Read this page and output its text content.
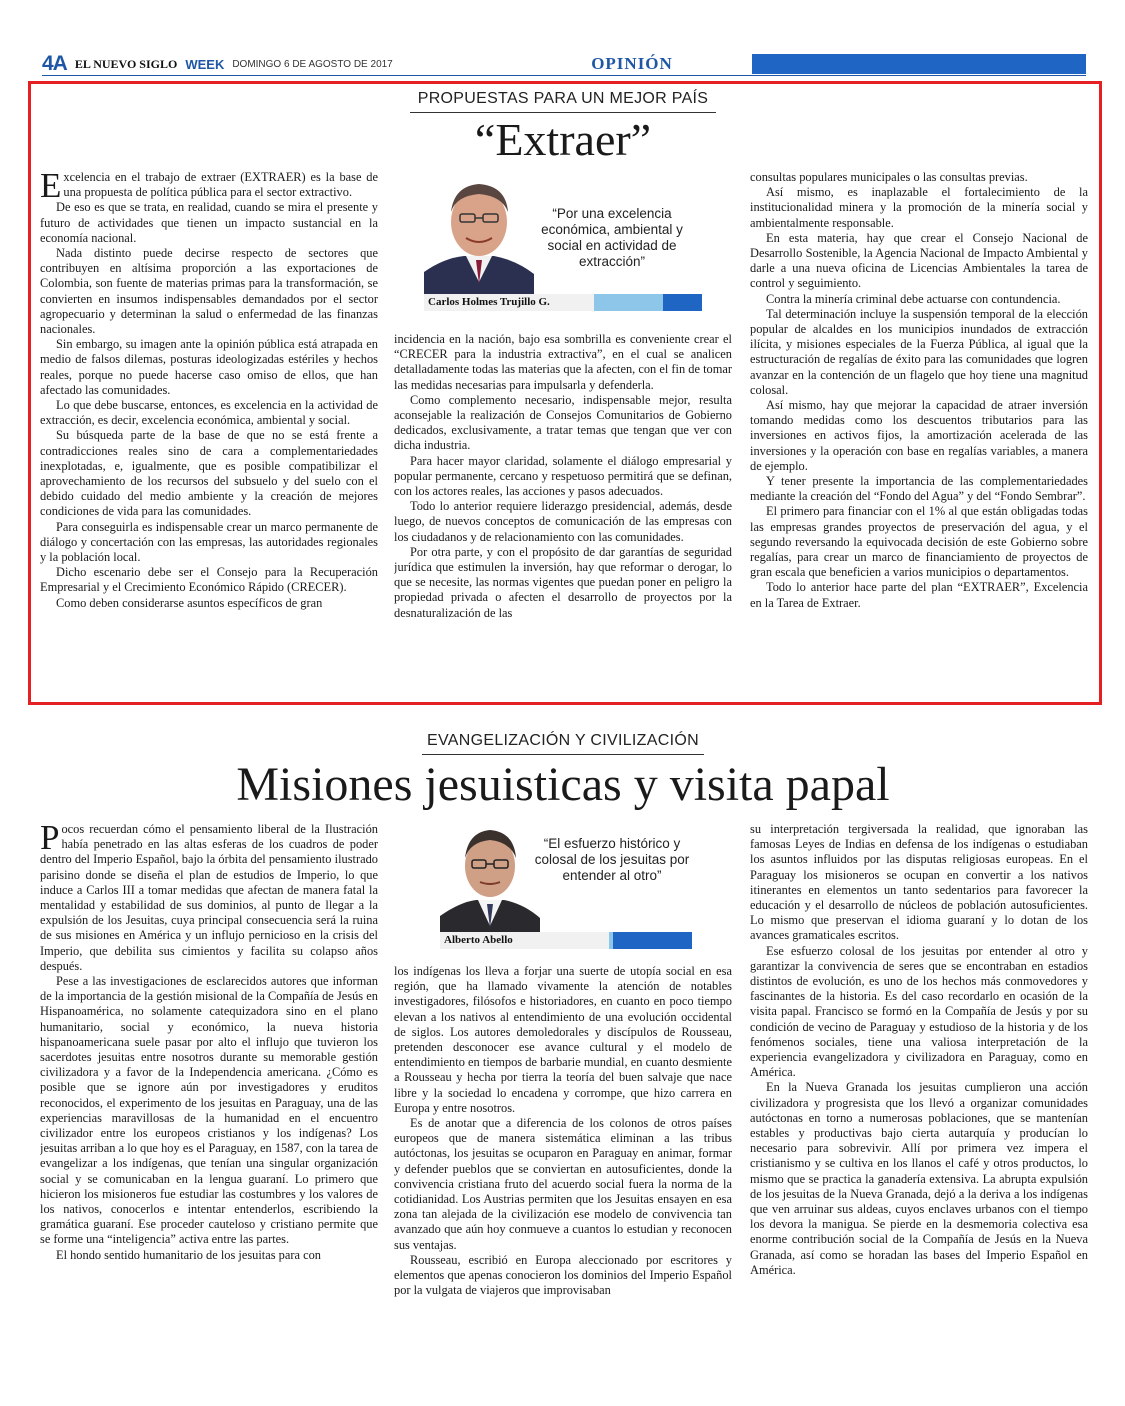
4A EL NUEVO SIGLO WEEK DOMINGO 6 DE AGOSTO DE 2017	OPINIÓN
PROPUESTAS PARA UN MEJOR PAÍS
“Extraer”

Excelencia en el trabajo de extraer (EXTRAER) es la base de una propuesta de política pública para el sector extractivo.

De eso es que se trata, en realidad, cuando se mira el presente y futuro de actividades que tienen un impacto sustancial en la economía nacional.

Nada distinto puede decirse respecto de sectores que contribuyen en altísima proporción a las exportaciones de Colombia, son fuente de materias primas para la transformación, se convierten en insumos indispensables demandados por el sector agropecuario y determinan la salud o enfermedad de las finanzas nacionales.

Sin embargo, su imagen ante la opinión pública está atrapada en medio de falsos dilemas, posturas ideologizadas estériles y hechos reales, porque no puede hacerse caso omiso de ellos, que han afectado las comunidades.

Lo que debe buscarse, entonces, es excelencia en la actividad de extracción, es decir, excelencia económica, ambiental y social.

Su búsqueda parte de la base de que no se está frente a contradicciones reales sino de cara a complementariedades inexplotadas, e, igualmente, que es posible compatibilizar el aprovechamiento de los recursos del subsuelo y del suelo con el debido cuidado del medio ambiente y la creación de mejores condiciones de vida para las comunidades.

Para conseguirla es indispensable crear un marco permanente de diálogo y concertación con las empresas, las autoridades regionales y la población local.

Dicho escenario debe ser el Consejo para la Recuperación Empresarial y el Crecimiento Económico Rápido (CRECER).

Como deben considerarse asuntos específicos de gran

“Por una excelencia económica, ambiental y social en actividad de extracción”
Carlos Holmes Trujillo G.

incidencia en la nación, bajo esa sombrilla es conveniente crear el “CRECER para la industria extractiva”, en el cual se analicen detalladamente todas las materias que la afecten, con el fin de tomar las medidas necesarias para impulsarla y defenderla.

Como complemento necesario, indispensable mejor, resulta aconsejable la realización de Consejos Comunitarios de Gobierno dedicados, exclusivamente, a tratar temas que tengan que ver con dicha industria.

Para hacer mayor claridad, solamente el diálogo empresarial y popular permanente, cercano y respetuoso permitirá que se definan, con los actores reales, las acciones y pasos adecuados.

Todo lo anterior requiere liderazgo presidencial, además, desde luego, de nuevos conceptos de comunicación de las empresas con los ciudadanos y de relacionamiento con las comunidades.

Por otra parte, y con el propósito de dar garantías de seguridad jurídica que estimulen la inversión, hay que reformar o derogar, lo que se necesite, las normas vigentes que puedan poner en peligro la propiedad privada o afecten el desarrollo de proyectos por la desnaturalización de las

consultas populares municipales o las consultas previas.

Así mismo, es inaplazable el fortalecimiento de la institucionalidad minera y la promoción de la minería social y ambientalmente responsable.

En esta materia, hay que crear el Consejo Nacional de Desarrollo Sostenible, la Agencia Nacional de Impacto Ambiental y darle a una nueva oficina de Licencias Ambientales la tarea de control y seguimiento.

Contra la minería criminal debe actuarse con contundencia.

Tal determinación incluye la suspensión temporal de la elección popular de alcaldes en los municipios inundados de extracción ilícita, y misiones especiales de la Fuerza Pública, al igual que la estructuración de regalías de éxito para las comunidades que logren avanzar en la contención de un flagelo que hoy tiene una magnitud colosal.

Así mismo, hay que mejorar la capacidad de atraer inversión tomando medidas como los descuentos tributarios para las inversiones en activos fijos, la amortización acelerada de las inversiones y la operación con base en regalías variables, a manera de ejemplo.

Y tener presente la importancia de las complementariedades mediante la creación del “Fondo del Agua” y del “Fondo Sembrar”.

El primero para financiar con el 1% al que están obligadas todas las empresas grandes proyectos de preservación del agua, y el segundo reversando la equivocada decisión de este Gobierno sobre regalías, para crear un marco de financiamiento de proyectos de gran escala que beneficien a varios municipios o departamentos.

Todo lo anterior hace parte del plan “EXTRAER”, Excelencia en la Tarea de Extraer.

EVANGELIZACIÓN Y CIVILIZACIÓN
Misiones jesuisticas y visita papal

Pocos recuerdan cómo el pensamiento liberal de la Ilustración había penetrado en las altas esferas de los cuadros de poder dentro del Imperio Español, bajo la órbita del pensamiento ilustrado parisino donde se diseña el plan de estudios de Imperio, lo que induce a Carlos III a tomar medidas que afectan de manera fatal la mentalidad y estabilidad de sus dominios, al punto de llegar a la expulsión de los Jesuitas, cuya principal consecuencia será la ruina de sus misiones en América y un influjo pernicioso en la crisis del Imperio, que debilita sus cimientos y facilita su colapso años después.

Pese a las investigaciones de esclarecidos autores que informan de la importancia de la gestión misional de la Compañía de Jesús en Hispanoamérica, no solamente catequizadora sino en el plano humanitario, social y económico, la nueva historia hispanoamericana suele pasar por alto el influjo que tuvieron los sacerdotes jesuitas entre nosotros durante su memorable gestión civilizadora y a favor de la Independencia americana. ¿Cómo es posible que se ignore aún por investigadores y eruditos reconocidos, el experimento de los jesuitas en Paraguay, una de las experiencias maravillosas de la humanidad en el encuentro civilizador entre los europeos cristianos y los indígenas? Los jesuitas arriban a lo que hoy es el Paraguay, en 1587, con la tarea de evangelizar a los indígenas, que tenían una singular organización social y se comunicaban en la lengua guaraní. Lo primero que hicieron los misioneros fue estudiar las costumbres y los valores de los nativos, conocerlos e intentar entenderlos, escribiendo la gramática guaraní. Ese proceder cauteloso y cristiano permite que se forme una “inteligencia” activa entre las partes.

El hondo sentido humanitario de los jesuitas para con

“El esfuerzo histórico y colosal de los jesuitas por entender al otro”
Alberto Abello

los indígenas los lleva a forjar una suerte de utopía social en esa región, que ha llamado vivamente la atención de notables investigadores, filósofos e historiadores, en cuanto en poco tiempo elevan a los nativos al entendimiento de una evolución occidental de siglos. Los autores demoledorales y discípulos de Rousseau, pretenden desconocer ese avance cultural y el modelo de entendimiento en tiempos de barbarie mundial, en cuanto desmiente a Rousseau y hecha por tierra la teoría del buen salvaje que nace libre y la sociedad lo encadena y corrompe, que hizo carrera en Europa y entre nosotros.

Es de anotar que a diferencia de los colonos de otros países europeos que de manera sistemática eliminan a las tribus autóctonas, los jesuitas se ocuparon en Paraguay en animar, formar y defender pueblos que se conviertan en autosuficientes, donde la convivencia cristiana fruto del acuerdo social fuera la norma de la cotidianidad. Los Austrias permiten que los Jesuitas ensayen en esa zona tan alejada de la civilización ese modelo de convivencia tan avanzado que aún hoy conmueve a cuantos lo estudian y reconocen sus ventajas.

Rousseau, escribió en Europa aleccionado por escritores y elementos que apenas conocieron los dominios del Imperio Español por la vulgata de viajeros que improvisaban

su interpretación tergiversada la realidad, que ignoraban las famosas Leyes de Indias en defensa de los indígenas o estudiaban los asuntos influidos por las disputas religiosas europeas. En el Paraguay los misioneros se ocupan en convertir a los nativos itinerantes en elementos un tanto sedentarios para favorecer la educación y el desarrollo de núcleos de población autosuficientes. Lo mismo que preservan el idioma guaraní y lo dotan de los avances gramaticales escritos.

Ese esfuerzo colosal de los jesuitas por entender al otro y garantizar la convivencia de seres que se encontraban en estadios distintos de evolución, es uno de los hechos más conmovedores y fascinantes de la historia. Es del caso recordarlo en ocasión de la visita papal. Francisco se formó en la Compañía de Jesús y por su condición de vecino de Paraguay y estudioso de la historia y de los fenómenos sociales, tiene una valiosa interpretación de la experiencia evangelizadora y civilizadora en Paraguay, como en América.

En la Nueva Granada los jesuitas cumplieron una acción civilizadora y progresista que los llevó a organizar comunidades autóctonas en torno a numerosas poblaciones, que se mantenían estables y productivas bajo cierta autarquía y producían lo necesario para sobrevivir. Allí por primera vez impera el cristianismo y se cultiva en los llanos el café y otros productos, lo mismo que se practica la ganadería extensiva. La abrupta expulsión de los jesuitas de la Nueva Granada, dejó a la deriva a los indígenas que ven arruinar sus aldeas, cuyos enclaves urbanos con el tiempo los devora la manigua. Se pierde en la desmemoria colectiva esa enorme contribución social de la Compañía de Jesús en la Nueva Granada, así como se horadan las bases del Imperio Español en América.
